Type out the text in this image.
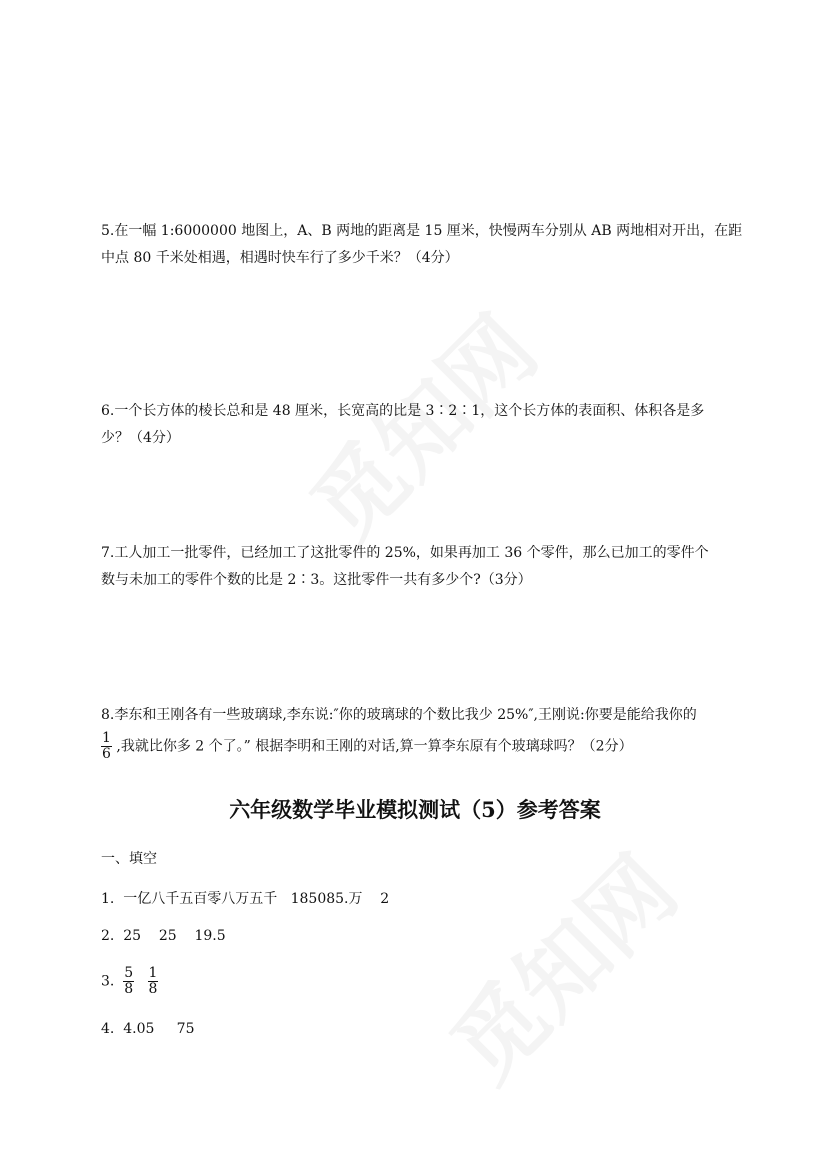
5.在一幅 1:6000000 地图上，A、B 两地的距离是 15 厘米，快慢两车分别从 AB 两地相对开出，在距
中点 80 千米处相遇，相遇时快车行了多少千米？（4分）
6.一个长方体的棱长总和是 48 厘米，长宽高的比是 3∶2∶1，这个长方体的表面积、体积各是多
少？（4分）
7.工人加工一批零件，已经加工了这批零件的 25%，如果再加工 36 个零件，那么已加工的零件个
数与未加工的零件个数的比是 2∶3。这批零件一共有多少个?（3分）
8.李东和王刚各有一些玻璃球,李东说:″你的玻璃球的个数比我少 25%″,王刚说:你要是能给我你的
$\frac{1}{6}$ ,我就比你多 2 个了。” 根据李明和王刚的对话,算一算李东原有个玻璃球吗？（2分）
六年级数学毕业模拟测试（5）参考答案
一、填空
1.  一亿八千五百零八万五千   185085.万    2
2.  25    25    19.5
3. $\frac{5}{8}$
$\frac{1}{8}$
4.  4.05     75
